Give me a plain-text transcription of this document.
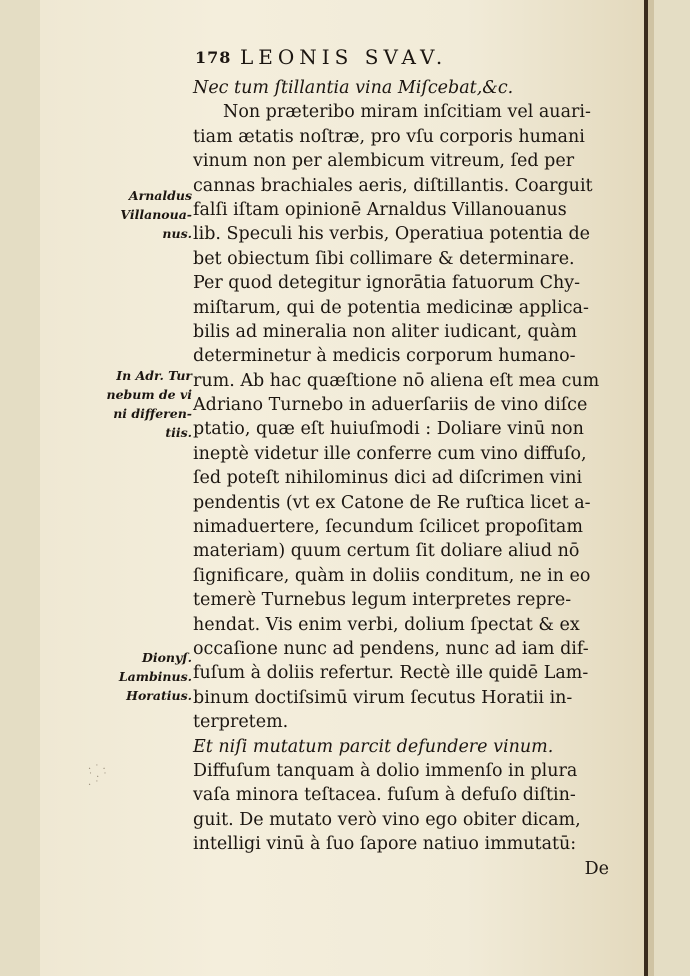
178 LEONIS SVAV.
Nec tum ſtillantia vina Miſcebat,&c.
Non præteribo miram inſcitiam vel auari-
tiam ætatis noſtræ, pro vſu corporis humani
vinum non per alembicum vitreum, ſed per
cannas brachiales aeris, diſtillantis. Coarguit
falſi iſtam opinionē Arnaldus Villanouanus
lib. Speculi his verbis, Operatiua potentia de
bet obiectum ſibi collimare & determinare.
Per quod detegitur ignorātia fatuorum Chy-
miſtarum, qui de potentia medicinæ applica-
bilis ad mineralia non aliter iudicant, quàm
determinetur à medicis corporum humano-
rum. Ab hac quæſtione nō aliena eſt mea cum
Adriano Turnebo in aduerſariis de vino diſce
ptatio, quæ eſt huiuſmodi : Doliare vinū non
ineptè videtur ille conferre cum vino diffuſo,
ſed poteſt nihilominus dici ad diſcrimen vini
pendentis (vt ex Catone de Re ruſtica licet a-
nimaduertere, ſecundum ſcilicet propoſitam
materiam) quum certum ſit doliare aliud nō
ſignificare, quàm in doliis conditum, ne in eo
temerè Turnebus legum interpretes repre-
hendat. Vis enim verbi, dolium ſpectat & ex
occaſione nunc ad pendens, nunc ad iam dif-
fuſum à doliis refertur. Rectè ille quidē Lam-
binum doctiſsimū virum ſecutus Horatii in-
terpretem.
Et niſi mutatum parcit defundere vinum.
Diffuſum tanquam à dolio immenſo in plura
vaſa minora teſtacea. fuſum à defuſo diſtin-
guit. De mutato verò vino ego obiter dicam,
intelligi vinū à ſuo ſapore natiuo immutatū:
De
Arnaldus
Villanoua-
nus.
In Adr. Tur
nebum de vi
ni differen-
tiis.
Dionyſ.
Lambinus.
Horatius.
· ˙ ·
˙ · ˙
· ˙
